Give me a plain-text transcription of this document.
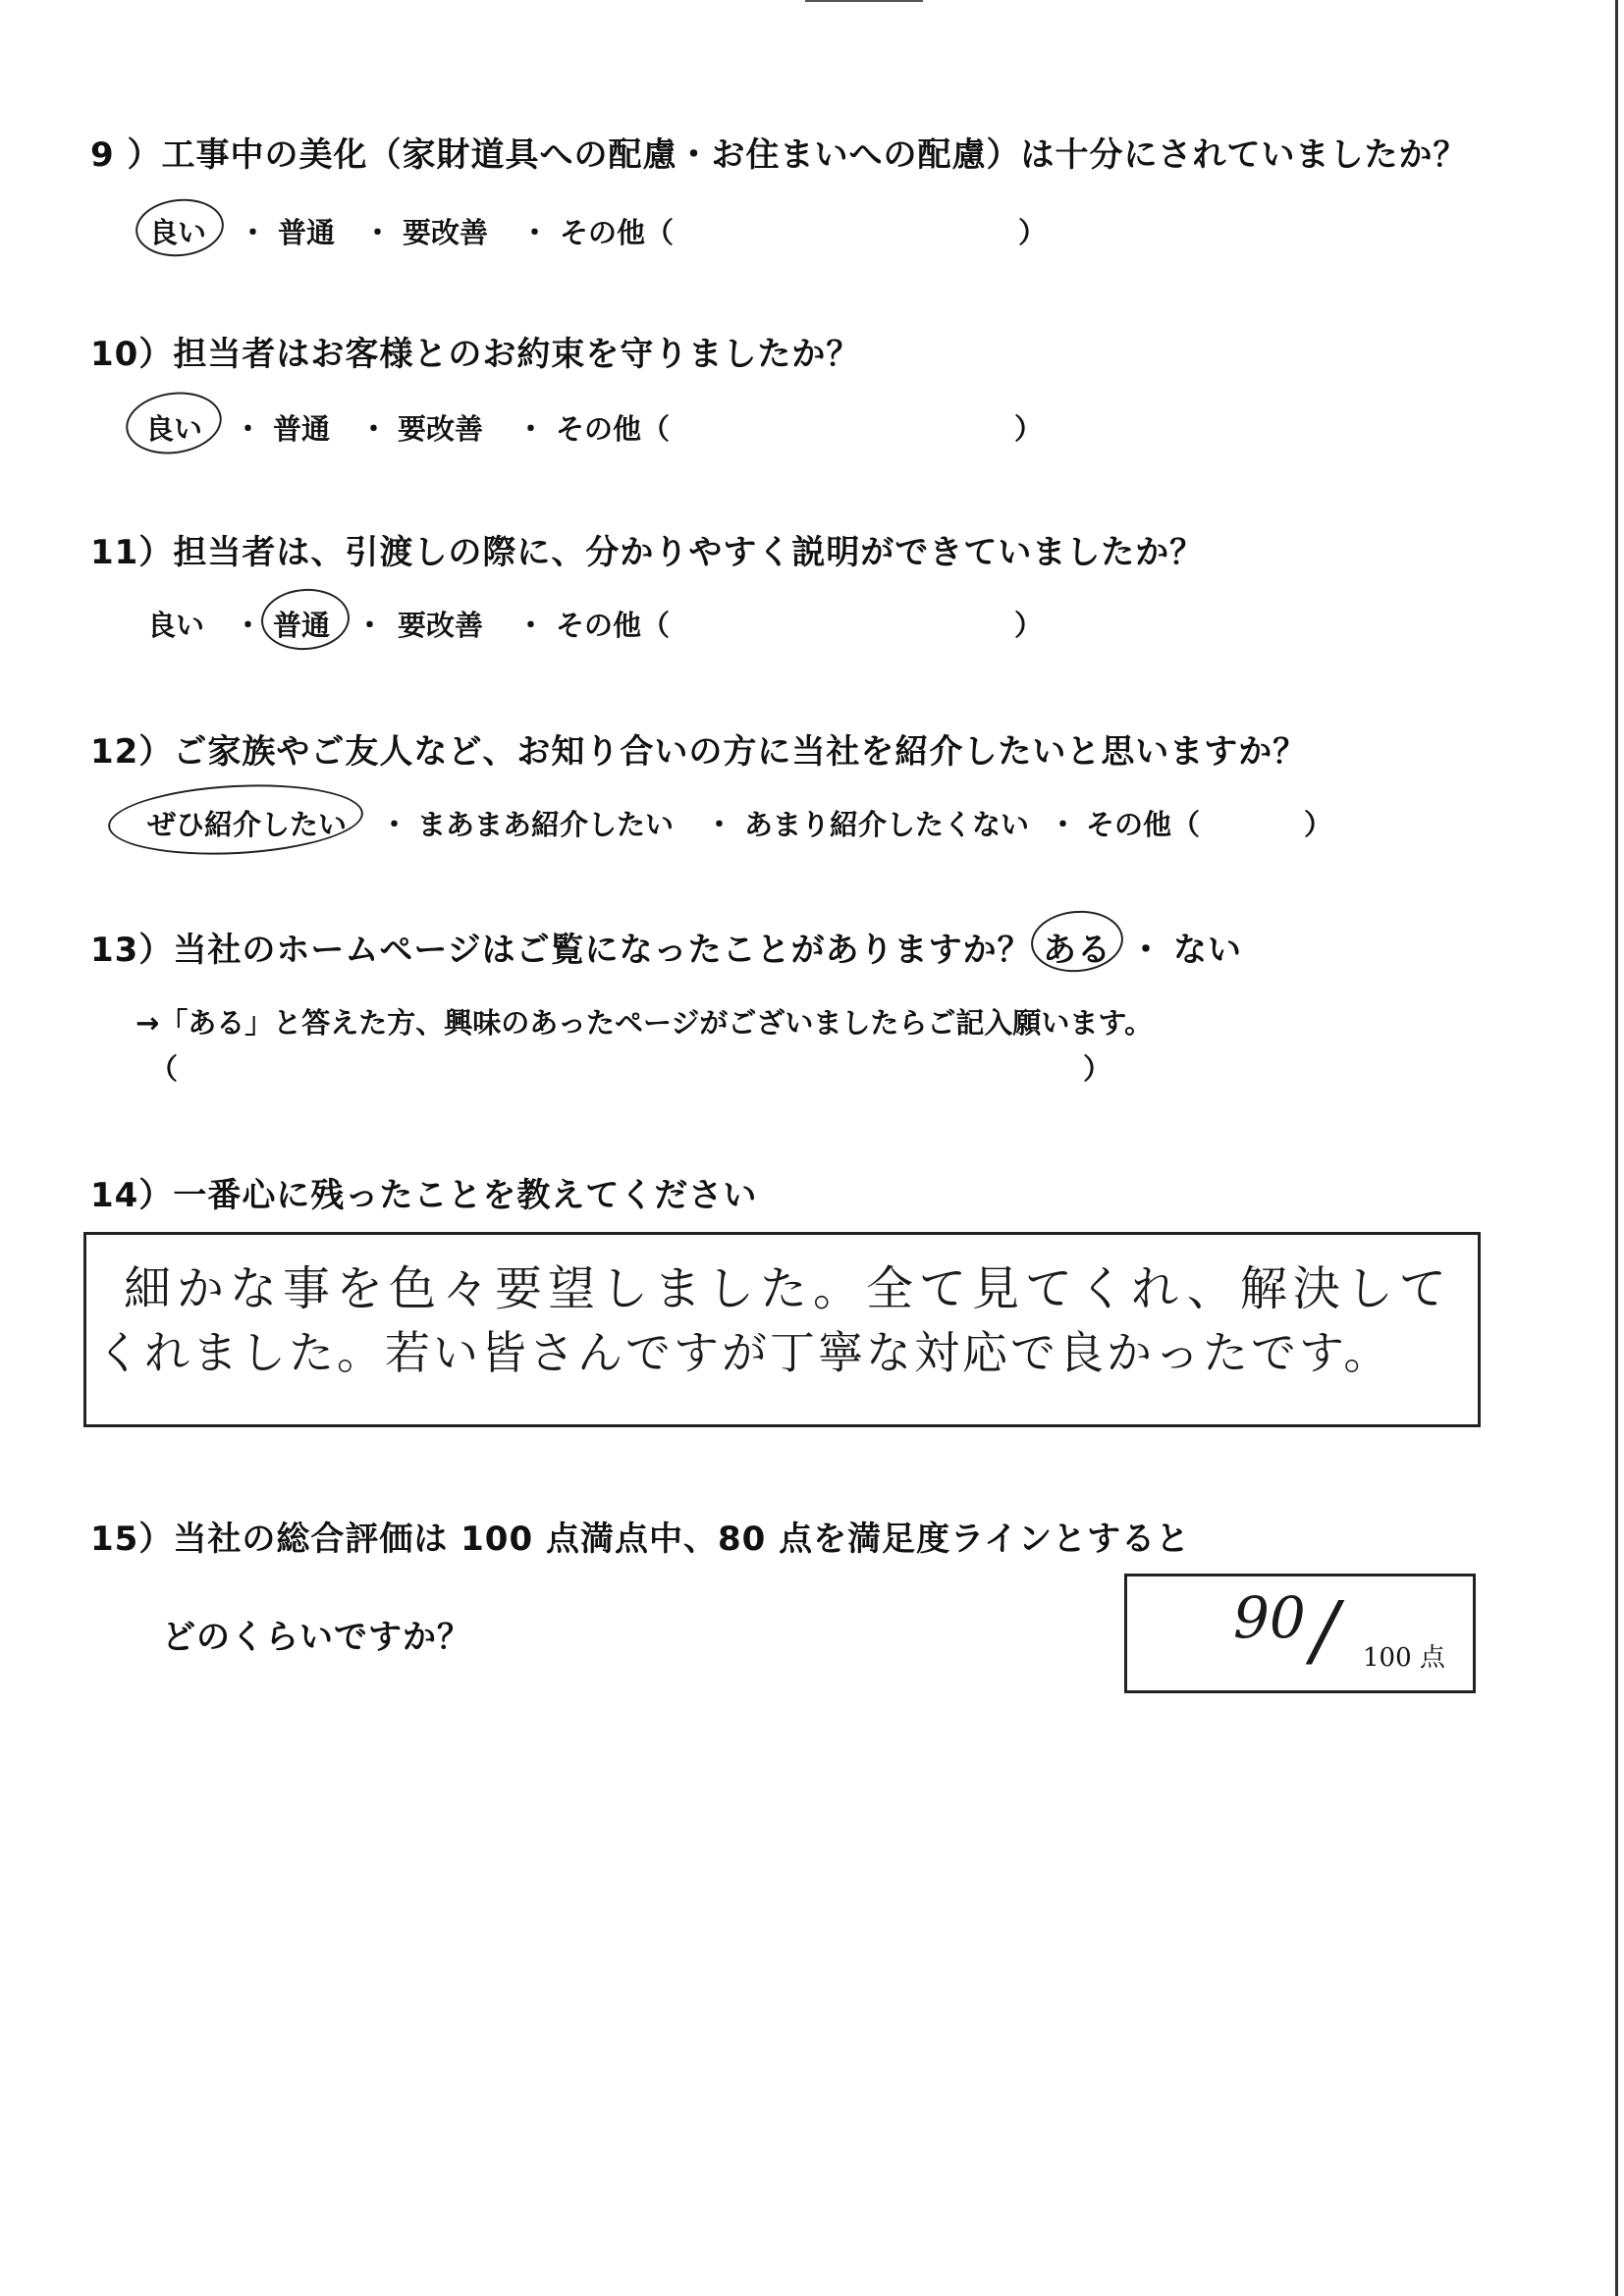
9 ）工事中の美化（家財道具への配慮・お住まいへの配慮）は十分にされていましたか？
良い ・ 普通 ・ 要改善 ・ その他（	）
10）担当者はお客様とのお約束を守りましたか？
良い ・ 普通 ・ 要改善 ・ その他（	）
11）担当者は、引渡しの際に、分かりやすく説明ができていましたか？
良い ・ 普通 ・ 要改善 ・ その他（	）
12）ご家族やご友人など、お知り合いの方に当社を紹介したいと思いますか？
ぜひ紹介したい ・ まあまあ紹介したい ・ あまり紹介したくない ・ その他（	）
13）当社のホームページはご覧になったことがありますか？ ある ・ ない
→「ある」と答えた方、興味のあったページがございましたらご記入願います。
（	）
14）一番心に残ったことを教えてください
細かな事を色々要望しました。全て見てくれ、解決して
くれました。若い皆さんですが丁寧な対応で良かったです。
15）当社の総合評価は 100 点満点中、80 点を満足度ラインとすると
どのくらいですか？	90 / 100 点
